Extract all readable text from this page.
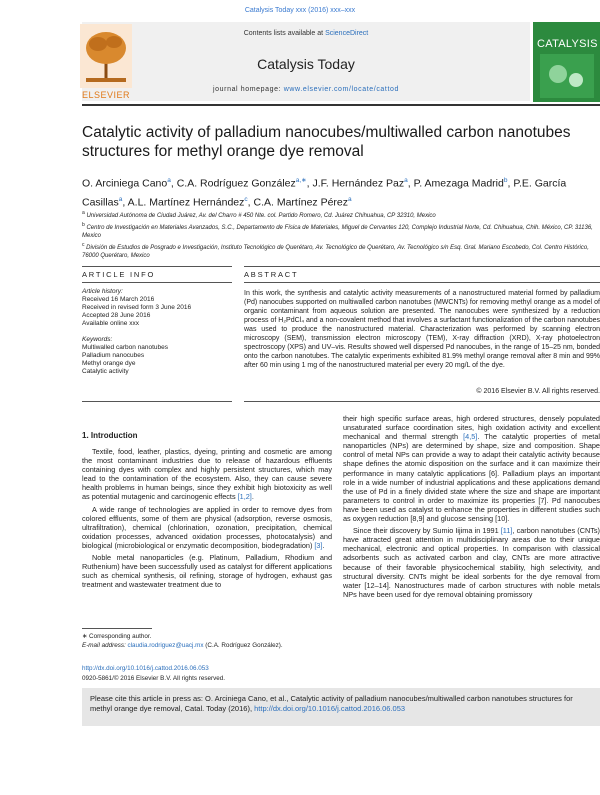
Catalysis Today xxx (2016) xxx–xxx
Contents lists available at ScienceDirect
Catalysis Today
journal homepage: www.elsevier.com/locate/cattod
ELSEVIER
CATALYSIS
Catalytic activity of palladium nanocubes/multiwalled carbon nanotubes structures for methyl orange dye removal
O. Arciniega Cano$^a$, C.A. Rodríguez González$^{a,∗}$, J.F. Hernández Paz$^a$, P. Amezaga Madrid$^b$, P.E. García Casillas$^a$, A.L. Martínez Hernández$^c$, C.A. Martínez Pérez$^a$
$^a$ Universidad Autónoma de Ciudad Juárez, Av. del Charro # 450 Nte. col. Partido Romero, Cd. Juárez Chihuahua, CP 32310, Mexico
$^b$ Centro de Investigación en Materiales Avanzados, S.C., Departamento de Física de Materiales, Miguel de Cervantes 120, Complejo Industrial Norte, Cd. Chihuahua, Chih. México, CP. 31136, Mexico
$^c$ División de Estudios de Posgrado e Investigación, Instituto Tecnológico de Querétaro, Av. Tecnológico de Querétaro, Av. Tecnológico s/n Esq. Gral. Mariano Escobedo, Col. Centro Histórico, 76000 Querétaro, Mexico
ARTICLE INFO	ABSTRACT
Article history:
Received 16 March 2016
Received in revised form 3 June 2016
Accepted 28 June 2016
Available online xxx
Keywords:
Multiwalled carbon nanotubes
Palladium nanocubes
Methyl orange dye
Catalytic activity
In this work, the synthesis and catalytic activity measurements of a nanostructured material formed by palladium (Pd) nanocubes supported on multiwalled carbon nanotubes (MWCNTs) for removing methyl orange as a model of organic contaminant from aqueous solution are presented. The nanocubes were synthesized by a reduction process of H₂PdCl₄ and a non-covalent method that involves a surfactant functionalization of the carbon nanotubes was used to produce the nanostructured material. Characterization was performed by scanning electron microscopy (SEM), transmission electron microscopy (TEM), X-ray diffraction (XRD), X-ray photoelectron spectroscopy (XPS) and UV–vis. Results showed well dispersed Pd nanocubes, in the range of 15–25 nm, bonded onto the carbon nanotubes. The catalytic experiments exhibited 81.9% methyl orange removal after 8 min and 99% after 60 min using 1 mg of the nanostructured material per every 20 mg/L of the dye.
© 2016 Elsevier B.V. All rights reserved.
1. Introduction

Textile, food, leather, plastics, dyeing, printing and cosmetic are among the most contaminant industries due to release of hazardous effluents containing dyes with complex and highly persistent structures, which may lead to the contamination of the ecosystem. Also, they can cause severe health problems in human beings, since they exhibit high biotoxicity as well as potential mutagenic and carcinogenic effects [1,2].

A wide range of technologies are applied in order to remove dyes from colored effluents, some of them are physical (adsorption, reverse osmosis, ultrafiltration), chemical (chlorination, ozonation, precipitation, chemical oxidation processes, advanced oxidation processes, photocatalysis) and biological (microbiological or enzymatic decomposition, biodegradation) [3].

Noble metal nanoparticles (e.g. Platinum, Palladium, Rhodium and Ruthenium) have been successfully used as catalyst for different applications such as chemical synthesis, oil refining, storage of hydrogen, exhaust gas treatment and wastewater treatment due to

their high specific surface areas, high ordered structures, densely populated unsaturated surface coordination sites, high oxidation activity and excellent mechanical and thermal strength [4,5]. The catalytic properties of metal nanoparticles (NPs) are determined by shape, size and composition. Shape control of metal NPs can provide a way to adapt their catalytic activity because shape defines the atomic disposition on the surface and it can maximize their performance in many catalytic applications [6]. Palladium plays an important role in a wide number of industrial applications and these applications demand the use of Pd in a finely divided state where the size and shape are important parameters to control in order to maximize its properties [7]. Pd nanocubes have been used as catalyst to enhance the properties in different studies such as oxygen reduction [8,9] and glucose sensing [10].

Since their discovery by Sumio Iijima in 1991 [11], carbon nanotubes (CNTs) have attracted great attention in multidisciplinary areas due to their unique mechanical, electronic and optical properties. In comparison with classical adsorbents such as activated carbon and clay, CNTs are more attractive because of their favorable physicochemical stability, high selectivity, and structural diversity. CNTs might be ideal sorbents for the dye removal from water [12–14]. Nanostructures made of carbon structures with noble metals NPs have been used for dye removal obtaining promissory

∗ Corresponding author.
E-mail address: claudia.rodriguez@uacj.mx (C.A. Rodríguez González).
http://dx.doi.org/10.1016/j.cattod.2016.06.053
0920-5861/© 2016 Elsevier B.V. All rights reserved.
Please cite this article in press as: O. Arciniega Cano, et al., Catalytic activity of palladium nanocubes/multiwalled carbon nanotubes structures for methyl orange dye removal, Catal. Today (2016), http://dx.doi.org/10.1016/j.cattod.2016.06.053
